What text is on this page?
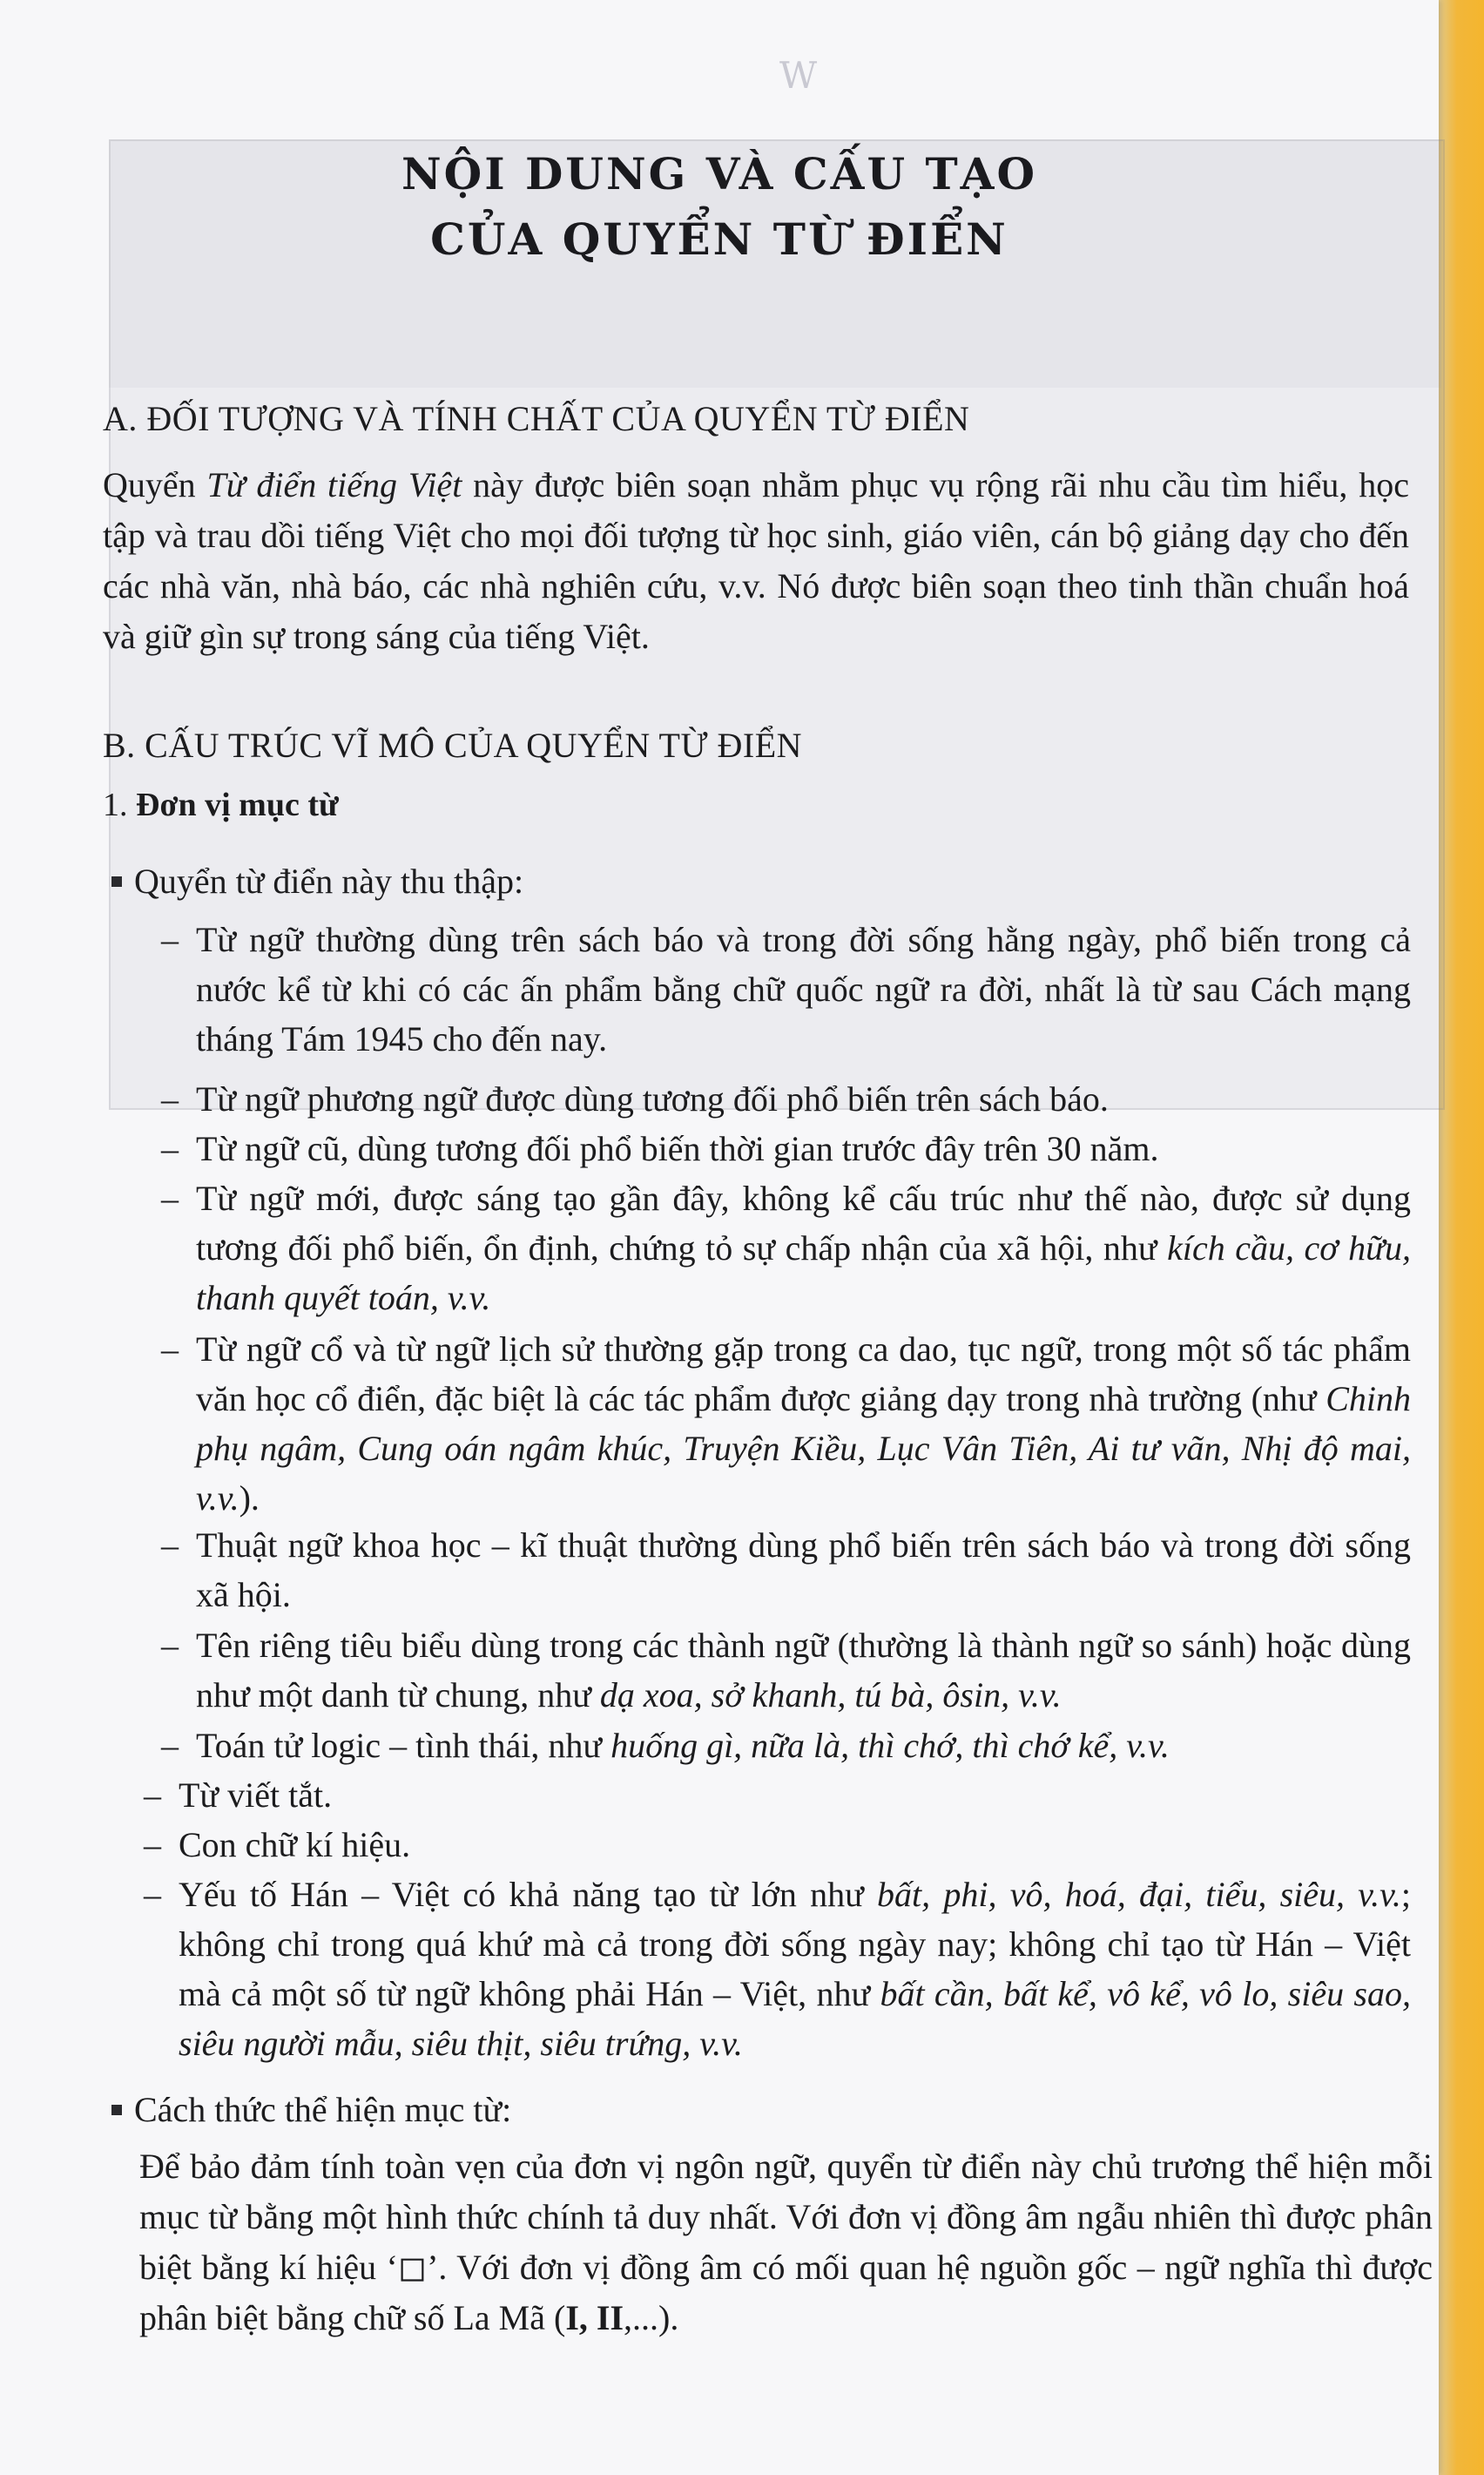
W
NỘI DUNG VÀ CẤU TẠO
CỦA QUYỂN TỪ ĐIỂN
A. ĐỐI TƯỢNG VÀ TÍNH CHẤT CỦA QUYỂN TỪ ĐIỂN
Quyển Từ điển tiếng Việt này được biên soạn nhằm phục vụ rộng rãi nhu cầu tìm hiểu, học tập và trau dồi tiếng Việt cho mọi đối tượng từ học sinh, giáo viên, cán bộ giảng dạy cho đến các nhà văn, nhà báo, các nhà nghiên cứu, v.v. Nó được biên soạn theo tinh thần chuẩn hoá và giữ gìn sự trong sáng của tiếng Việt.
B. CẤU TRÚC VĨ MÔ CỦA QUYỂN TỪ ĐIỂN
1. Đơn vị mục từ
Quyển từ điển này thu thập:
– Từ ngữ thường dùng trên sách báo và trong đời sống hằng ngày, phổ biến trong cả nước kể từ khi có các ấn phẩm bằng chữ quốc ngữ ra đời, nhất là từ sau Cách mạng tháng Tám 1945 cho đến nay.
– Từ ngữ phương ngữ được dùng tương đối phổ biến trên sách báo.
– Từ ngữ cũ, dùng tương đối phổ biến thời gian trước đây trên 30 năm.
– Từ ngữ mới, được sáng tạo gần đây, không kể cấu trúc như thế nào, được sử dụng tương đối phổ biến, ổn định, chứng tỏ sự chấp nhận của xã hội, như kích cầu, cơ hữu, thanh quyết toán, v.v.
– Từ ngữ cổ và từ ngữ lịch sử thường gặp trong ca dao, tục ngữ, trong một số tác phẩm văn học cổ điển, đặc biệt là các tác phẩm được giảng dạy trong nhà trường (như Chinh phụ ngâm, Cung oán ngâm khúc, Truyện Kiều, Lục Vân Tiên, Ai tư vãn, Nhị độ mai, v.v.).
– Thuật ngữ khoa học – kĩ thuật thường dùng phổ biến trên sách báo và trong đời sống xã hội.
– Tên riêng tiêu biểu dùng trong các thành ngữ (thường là thành ngữ so sánh) hoặc dùng như một danh từ chung, như dạ xoa, sở khanh, tú bà, ôsin, v.v.
– Toán tử logic – tình thái, như huống gì, nữa là, thì chớ, thì chớ kể, v.v.
– Từ viết tắt.
– Con chữ kí hiệu.
– Yếu tố Hán – Việt có khả năng tạo từ lớn như bất, phi, vô, hoá, đại, tiểu, siêu, v.v.; không chỉ trong quá khứ mà cả trong đời sống ngày nay; không chỉ tạo từ Hán – Việt mà cả một số từ ngữ không phải Hán – Việt, như bất cần, bất kể, vô kể, vô lo, siêu sao, siêu người mẫu, siêu thịt, siêu trứng, v.v.
Cách thức thể hiện mục từ:
Để bảo đảm tính toàn vẹn của đơn vị ngôn ngữ, quyển từ điển này chủ trương thể hiện mỗi mục từ bằng một hình thức chính tả duy nhất. Với đơn vị đồng âm ngẫu nhiên thì được phân biệt bằng kí hiệu ‘◻’. Với đơn vị đồng âm có mối quan hệ nguồn gốc – ngữ nghĩa thì được phân biệt bằng chữ số La Mã (I, II,...).
